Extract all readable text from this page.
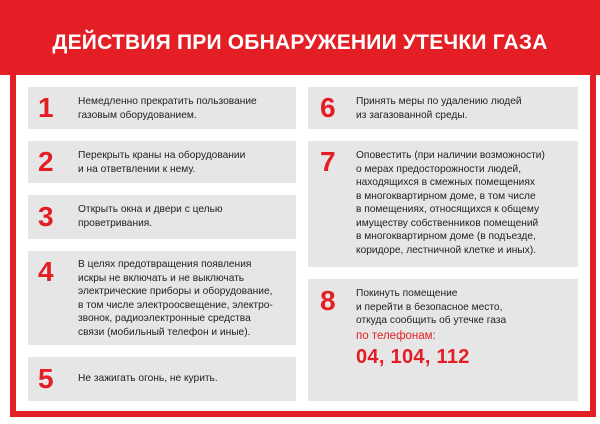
ДЕЙСТВИЯ ПРИ ОБНАРУЖЕНИИ УТЕЧКИ ГАЗА
1 Немедленно прекратить пользование
газовым оборудованием.
2 Перекрыть краны на оборудовании
и на ответвлении к нему.
3 Открыть окна и двери с целью
проветривания.
4 В целях предотвращения появления
искры не включать и не выключать
электрические приборы и оборудование,
в том числе электроосвещение, электро-
звонок, радиоэлектронные средства
связи (мобильный телефон и иные).
5 Не зажигать огонь, не курить.
6 Принять меры по удалению людей
из загазованной среды.
7 Оповестить (при наличии возможности)
о мерах предосторожности людей,
находящихся в смежных помещениях
в многоквартирном доме, в том числе
в помещениях, относящихся к общему
имуществу собственников помещений
в многоквартирном доме (в подъезде,
коридоре, лестничной клетке и иных).
8 Покинуть помещение
и перейти в безопасное место,
откуда сообщить об утечке газа
по телефонам:
04, 104, 112
